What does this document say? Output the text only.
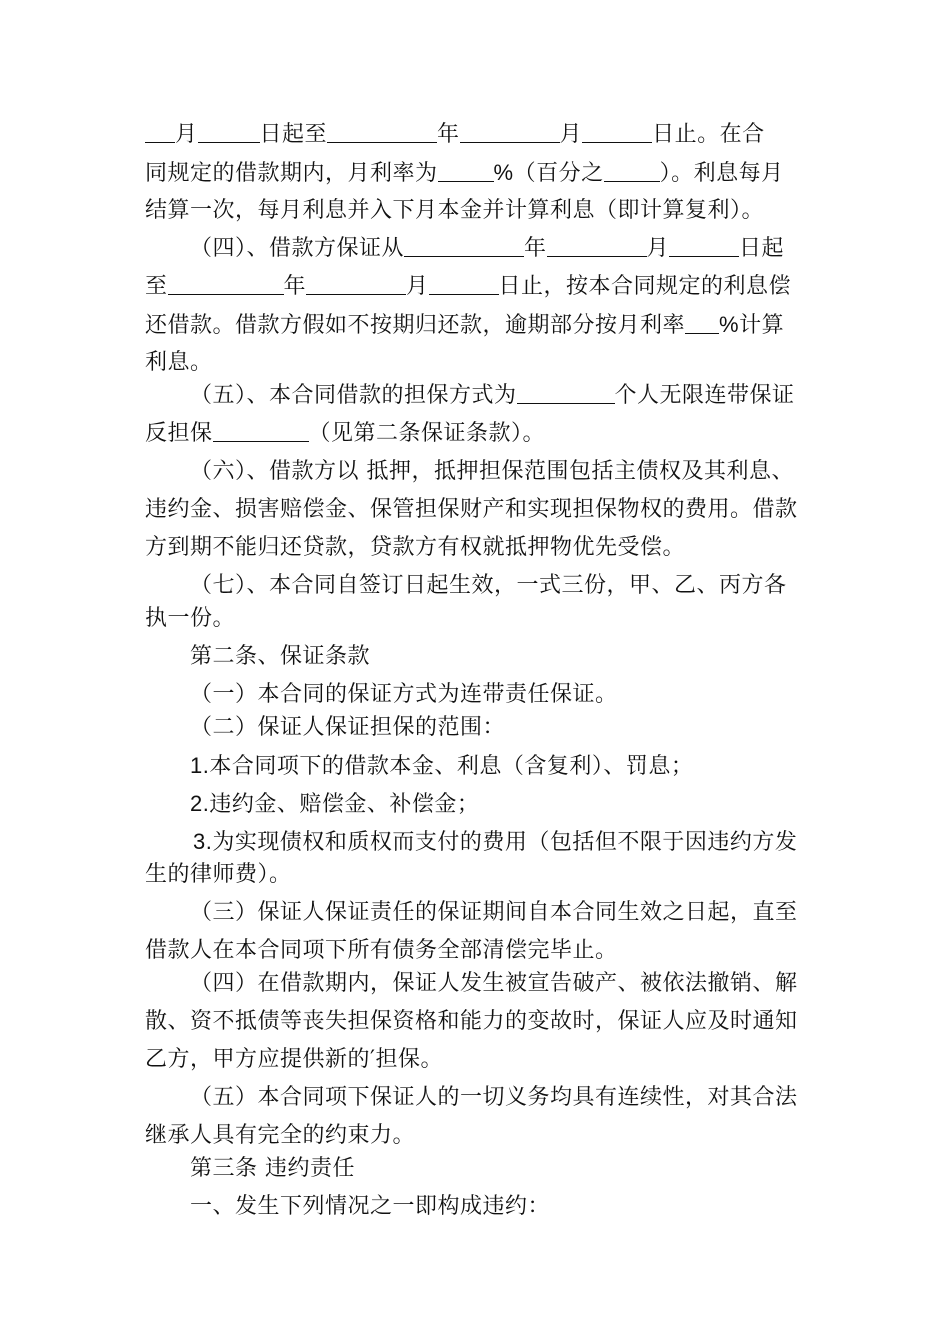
月	日起至	年	月	日止。在合
同规定的借款期内，月利率为	%（百分之	）。利息每月
结算一次，每月利息并入下月本金并计算利息（即计算复利）。
（四）、借款方保证从	年	月	日起
至	年	月	日止，按本合同规定的利息偿
还借款。借款方假如不按期归还款，逾期部分按月利率 %计算
利息。
（五）、本合同借款的担保方式为	个人无限连带保证
反担保	（见第二条保证条款）。
（六）、借款方以 抵押，抵押担保范围包括主债权及其利息、
违约金、损害赔偿金、保管担保财产和实现担保物权的费用。借款
方到期不能归还贷款，贷款方有权就抵押物优先受偿。
（七）、本合同自签订日起生效，一式三份，甲、乙、丙方各
执一份。
第二条、保证条款
（一）本合同的保证方式为连带责任保证。
（二）保证人保证担保的范围：
1.本合同项下的借款本金、利息（含复利）、罚息；
2.违约金、赔偿金、补偿金；
3.为实现债权和质权而支付的费用（包括但不限于因违约方发
生的律师费）。
（三）保证人保证责任的保证期间自本合同生效之日起，直至
借款人在本合同项下所有债务全部清偿完毕止。
（四）在借款期内，保证人发生被宣告破产、被依法撤销、解
散、资不抵债等丧失担保资格和能力的变故时，保证人应及时通知
乙方，甲方应提供新的′担保。
（五）本合同项下保证人的一切义务均具有连续性，对其合法
继承人具有完全的约束力。
第三条 违约责任
一、发生下列情况之一即构成违约：
